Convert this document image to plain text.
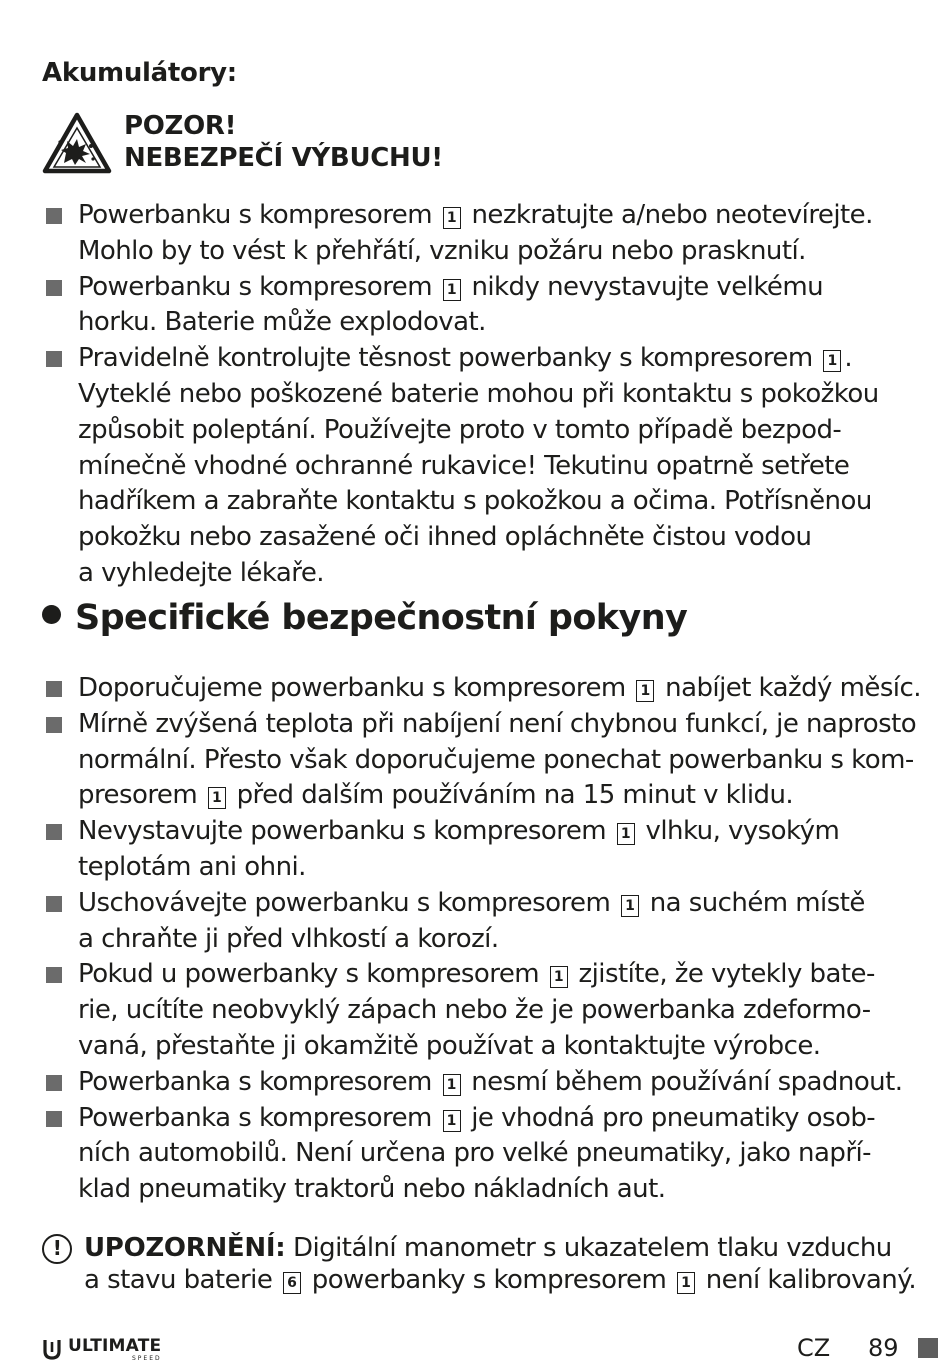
Akumulátory:
POZOR!
NEBEZPEČÍ VÝBUCHU!
Powerbanku s kompresorem 1 nezkratujte a/nebo neotevírejte.
Mohlo by to vést k přehřátí, vzniku požáru nebo prasknutí.
Powerbanku s kompresorem 1 nikdy nevystavujte velkému
horku. Baterie může explodovat.
Pravidelně kontrolujte těsnost powerbanky s kompresorem 1 .
Vyteklé nebo poškozené baterie mohou při kontaktu s pokožkou
způsobit poleptání. Používejte proto v tomto případě bezpod-
mínečně vhodné ochranné rukavice! Tekutinu opatrně setřete
hadříkem a zabraňte kontaktu s pokožkou a očima. Potřísněnou
pokožku nebo zasažené oči ihned opláchněte čistou vodou
a vyhledejte lékaře.
Specifické bezpečnostní pokyny
Doporučujeme powerbanku s kompresorem 1 nabíjet každý měsíc.
Mírně zvýšená teplota při nabíjení není chybnou funkcí, je naprosto
normální. Přesto však doporučujeme ponechat powerbanku s kom-
presorem 1 před dalším používáním na 15 minut v klidu.
Nevystavujte powerbanku s kompresorem 1 vlhku, vysokým
teplotám ani ohni.
Uschovávejte powerbanku s kompresorem 1 na suchém místě
a chraňte ji před vlhkostí a korozí.
Pokud u powerbanky s kompresorem 1 zjistíte, že vytekly bate-
rie, ucítíte neobvyklý zápach nebo že je powerbanka zdeformo-
vaná, přestaňte ji okamžitě používat a kontaktujte výrobce.
Powerbanka s kompresorem 1 nesmí během používání spadnout.
Powerbanka s kompresorem 1 je vhodná pro pneumatiky osob-
ních automobilů. Není určena pro velké pneumatiky, jako napří-
klad pneumatiky traktorů nebo nákladních aut.
! UPOZORNĚNÍ: Digitální manometr s ukazatelem tlaku vzduchu
a stavu baterie 6 powerbanky s kompresorem 1 není kalibrovaný.
ULTIMATE
SPEED	CZ 89
